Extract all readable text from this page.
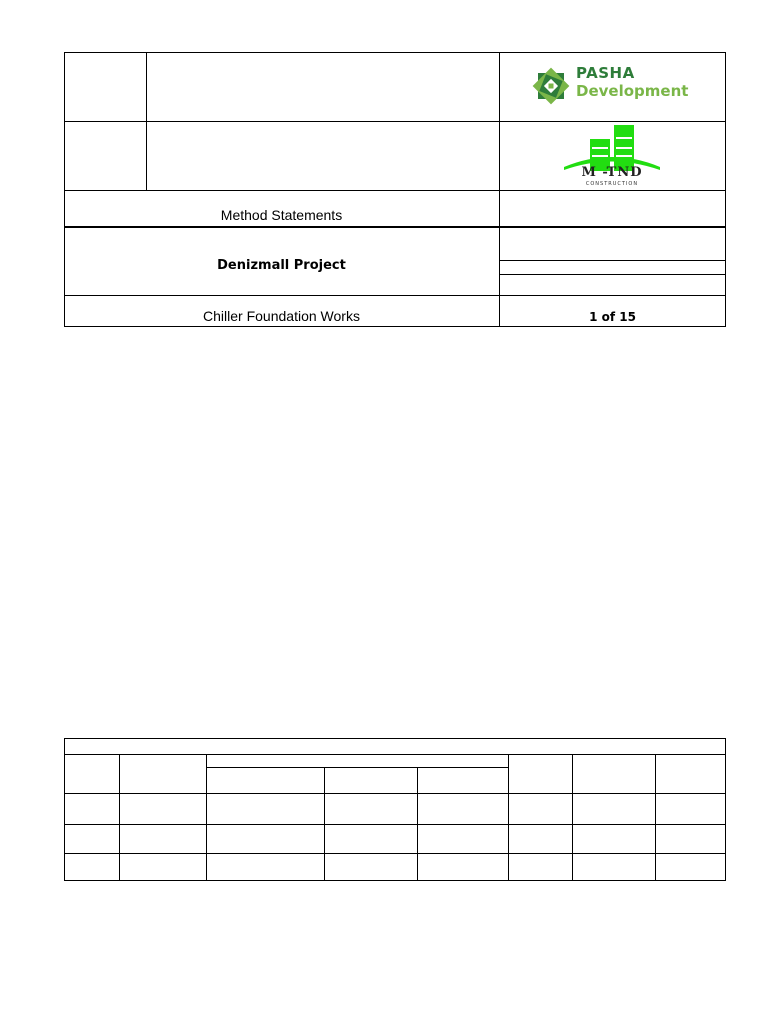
Method Statements
Denizmall Project
Chiller Foundation Works	1 of 15
PASHA
Development
M -TND
CONSTRUCTION
